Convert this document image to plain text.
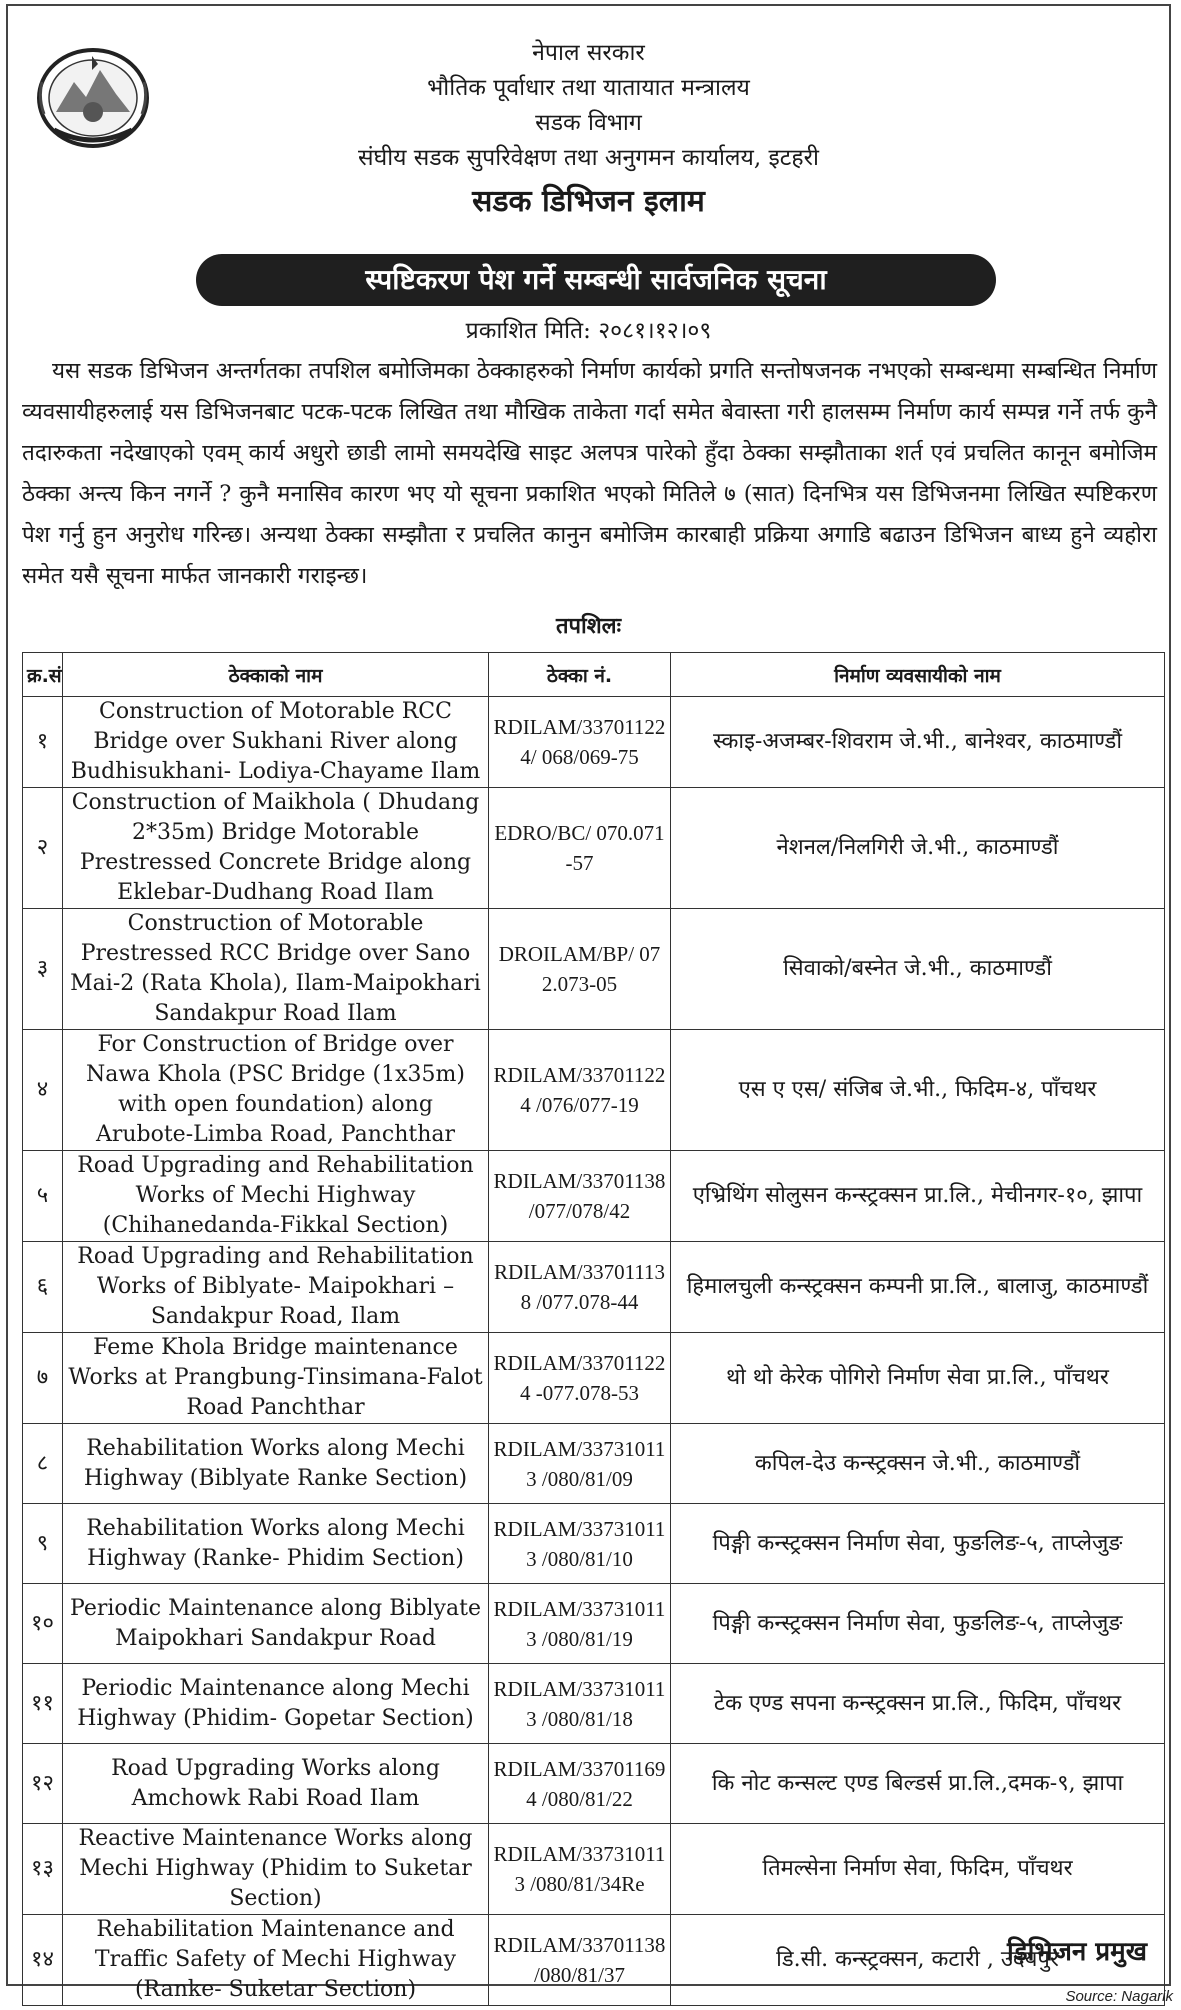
नेपाल सरकार
भौतिक पूर्वाधार तथा यातायात मन्त्रालय
सडक विभाग
संघीय सडक सुपरिवेक्षण तथा अनुगमन कार्यालय, इटहरी
सडक डिभिजन इलाम
स्पष्टिकरण पेश गर्ने सम्बन्धी सार्वजनिक सूचना
प्रकाशित मिति: २०८१।१२।०९

यस सडक डिभिजन अन्तर्गतका तपशिल बमोजिमका ठेक्काहरुको निर्माण कार्यको प्रगति सन्तोषजनक नभएको सम्बन्धमा सम्बन्धित निर्माण व्यवसायीहरुलाई यस डिभिजनबाट पटक-पटक लिखित तथा मौखिक ताकेता गर्दा समेत बेवास्ता गरी हालसम्म निर्माण कार्य सम्पन्न गर्ने तर्फ कुनै तदारुकता नदेखाएको एवम् कार्य अधुरो छाडी लामो समयदेखि साइट अलपत्र पारेको हुँदा ठेक्का सम्झौताका शर्त एवं प्रचलित कानून बमोजिम ठेक्का अन्त्य किन नगर्ने ? कुनै मनासिव कारण भए यो सूचना प्रकाशित भएको मितिले ७ (सात) दिनभित्र यस डिभिजनमा लिखित स्पष्टिकरण पेश गर्नु हुन अनुरोध गरिन्छ। अन्यथा ठेक्का सम्झौता र प्रचलित कानुन बमोजिम कारबाही प्रक्रिया अगाडि बढाउन डिभिजन बाध्य हुने व्यहोरा समेत यसै सूचना मार्फत जानकारी गराइन्छ।

तपशिलः
क्र.सं	ठेक्काको नाम	ठेक्का नं.	निर्माण व्यवसायीको नाम
१	Construction of Motorable RCC Bridge over Sukhani River along Budhisukhani- Lodiya-Chayame Ilam	RDILAM/337011224/ 068/069-75	स्काइ-अजम्बर-शिवराम जे.भी., बानेश्वर, काठमाण्डौं
२	Construction of Maikhola ( Dhudang 2*35m) Bridge Motorable Prestressed Concrete Bridge along Eklebar-Dudhang Road Ilam	EDRO/BC/ 070.071-57	नेशनल/निलगिरी जे.भी., काठमाण्डौं
३	Construction of Motorable Prestressed RCC Bridge over Sano Mai-2 (Rata Khola), Ilam-Maipokhari Sandakpur Road Ilam	DROILAM/BP/ 072.073-05	सिवाको/बस्नेत जे.भी., काठमाण्डौं
४	For Construction of Bridge over Nawa Khola (PSC Bridge (1x35m) with open foundation) along Arubote-Limba Road, Panchthar	RDILAM/337011224 /076/077-19	एस ए एस/ संजिब जे.भी., फिदिम-४, पाँचथर
५	Road Upgrading and Rehabilitation Works of Mechi Highway (Chihanedanda-Fikkal Section)	RDILAM/33701138 /077/078/42	एभ्रिथिंग सोलुसन कन्स्ट्रक्सन प्रा.लि., मेचीनगर-१०, झापा
६	Road Upgrading and Rehabilitation Works of Biblyate- Maipokhari – Sandakpur Road, Ilam	RDILAM/337011138 /077.078-44	हिमालचुली कन्स्ट्रक्सन कम्पनी प्रा.लि., बालाजु, काठमाण्डौं
७	Feme Khola Bridge maintenance Works at Prangbung-Tinsimana-Falot Road Panchthar	RDILAM/337011224 -077.078-53	थो थो केरेक पोगिरो निर्माण सेवा प्रा.लि., पाँचथर
८	Rehabilitation Works along Mechi Highway (Biblyate Ranke Section)	RDILAM/337310113 /080/81/09	कपिल-देउ कन्स्ट्रक्सन जे.भी., काठमाण्डौं
९	Rehabilitation Works along Mechi Highway (Ranke- Phidim Section)	RDILAM/337310113 /080/81/10	पिङ्गी कन्स्ट्रक्सन निर्माण सेवा, फुङलिङ-५, ताप्लेजुङ
१०	Periodic Maintenance along Biblyate Maipokhari Sandakpur Road	RDILAM/337310113 /080/81/19	पिङ्गी कन्स्ट्रक्सन निर्माण सेवा, फुङलिङ-५, ताप्लेजुङ
११	Periodic Maintenance along Mechi Highway (Phidim- Gopetar Section)	RDILAM/337310113 /080/81/18	टेक एण्ड सपना कन्स्ट्रक्सन प्रा.लि., फिदिम, पाँचथर
१२	Road Upgrading Works along Amchowk Rabi Road Ilam	RDILAM/337011694 /080/81/22	कि नोट कन्सल्ट एण्ड बिल्डर्स प्रा.लि.,दमक-९, झापा
१३	Reactive Maintenance Works along Mechi Highway (Phidim to Suketar Section)	RDILAM/337310113 /080/81/34Re	तिमल्सेना निर्माण सेवा, फिदिम, पाँचथर
१४	Rehabilitation Maintenance and Traffic Safety of Mechi Highway (Ranke- Suketar Section)	RDILAM/33701138 /080/81/37	डि.सी. कन्स्ट्रक्सन, कटारी , उदयपुर
डिभिजन प्रमुख
Source: Nagarik
